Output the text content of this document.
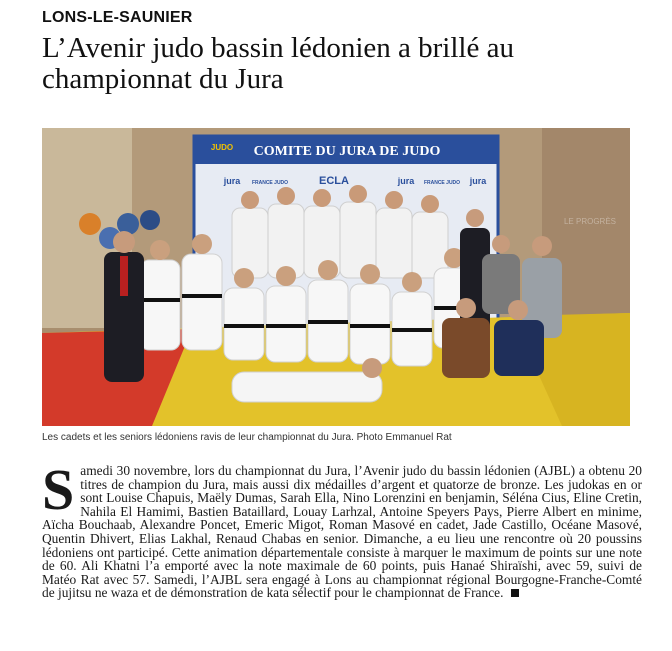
LONS-LE-SAUNIER
L’Avenir judo bassin lédonien a brillé au championnat du Jura
COMITE DU JURA DE JUDO
JUDO
jura FRANCE JUDO	ECLA	jura FRANCE JUDO jura
LE PROGRÈS
Les cadets et les seniors lédoniens ravis de leur championnat du Jura. Photo Emmanuel Rat

S amedi 30 novembre, lors du championnat du Jura, l’Avenir judo du bassin lédonien (AJBL) a obtenu 20 titres de champion du Jura, mais aussi dix médailles d’argent et quatorze de bronze. Les judokas en or sont Louise Chapuis, Maëly Dumas, Sarah Ella, Nino Lorenzini en benjamin, Séléna Cius, Eline Cretin, Nahila El Hamimi, Bastien Bataillard, Louay Larhzal, Antoine Speyers Pays, Pierre Albert en minime, Aïcha Bouchaab, Alexandre Poncet, Emeric Migot, Roman Masové en cadet, Jade Castillo, Océane Masové, Quentin Dhivert, Elias Lakhal, Renaud Chabas en senior. Dimanche, a eu lieu une rencontre où 20 poussins lédoniens ont participé. Cette animation départementale consiste à marquer le maximum de points sur une note de 60. Ali Khatni l’a emporté avec la note maximale de 60 points, puis Hanaé Shiraïshi, avec 59, suivi de Matéo Rat avec 57. Samedi, l’AJBL sera engagé à Lons au championnat régional Bourgogne-Franche-Comté de jujitsu ne waza et de démonstration de kata sélectif pour le championnat de France.
